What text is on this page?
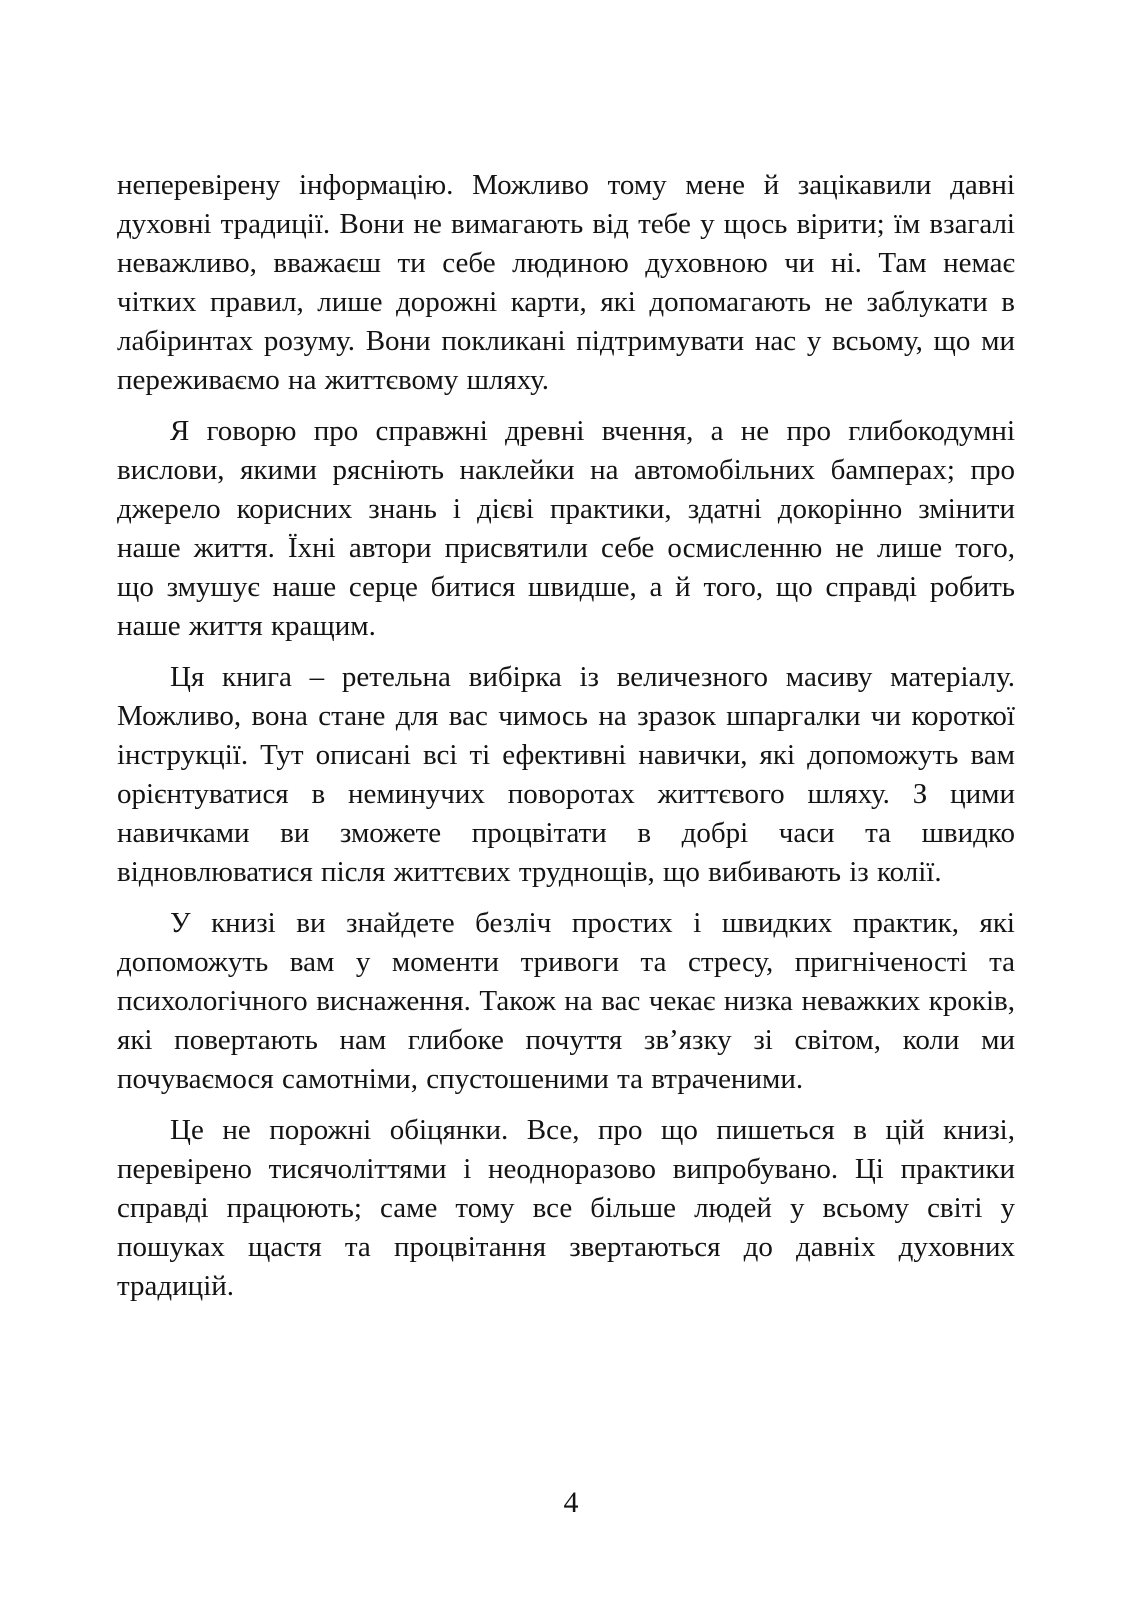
неперевірену інформацію. Можливо тому мене й зацікавили давні духовні традиції. Вони не вимагають від тебе у щось вірити; їм взагалі неважливо, вважаєш ти себе людиною духовною чи ні. Там немає чітких правил, лише дорожні карти, які допомагають не заблукати в лабіринтах розуму. Вони покликані підтримувати нас у всьому, що ми переживаємо на життєвому шляху.

Я говорю про справжні древні вчення, а не про глибокодумні вислови, якими рясніють наклейки на автомобільних бамперах; про джерело корисних знань і дієві практики, здатні докорінно змінити наше життя. Їхні автори присвятили себе осмисленню не лише того, що змушує наше серце битися швидше, а й того, що справді робить наше життя кращим.

Ця книга – ретельна вибірка із величезного масиву матеріалу. Можливо, вона стане для вас чимось на зразок шпаргалки чи короткої інструкції. Тут описані всі ті ефективні навички, які допоможуть вам орієнтуватися в неминучих поворотах життєвого шляху. З цими навичками ви зможете процвітати в добрі часи та швидко відновлюватися після життєвих труднощів, що вибивають із колії.

У книзі ви знайдете безліч простих і швидких практик, які допоможуть вам у моменти тривоги та стресу, пригніченості та психологічного виснаження. Також на вас чекає низка неважких кроків, які повертають нам глибоке почуття зв’язку зі світом, коли ми почуваємося самотніми, спустошеними та втраченими.

Це не порожні обіцянки. Все, про що пишеться в цій книзі, перевірено тисячоліттями і неодноразово випробувано. Ці практики справді працюють; саме тому все більше людей у всьому світі у пошуках щастя та процвітання звертаються до давніх духовних традицій.

4
